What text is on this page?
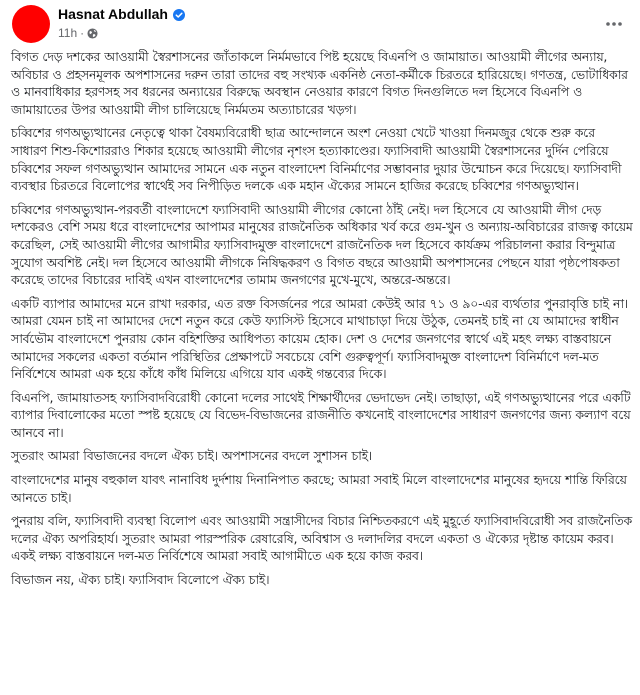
Hasnat Abdullah
11h ·

বিগত দেড় দশকের আওয়ামী স্বৈরশাসনের জাঁতাকলে নির্মমভাবে পিষ্ট হয়েছে বিএনপি ও জামায়াত। আওয়ামী লীগের অন্যায়, অবিচার ও প্রহসনমূলক অপশাসনের দরুন তারা তাদের বহু সংখ্যক একনিষ্ঠ নেতা-কর্মীকে চিরতরে হারিয়েছে। গণতন্ত্র, ভোটাধিকার ও মানবাধিকার হরণসহ সব ধরনের অন্যায়ের বিরুদ্ধে অবস্থান নেওয়ার কারণে বিগত দিনগুলিতে দল হিসেবে বিএনপি ও জামায়াতের উপর আওয়ামী লীগ চালিয়েছে নির্মমতম অত্যাচারের খড়গ।

চব্বিশের গণঅভ্যুত্থানের নেতৃত্বে থাকা বৈষম্যবিরোধী ছাত্র আন্দোলনে অংশ নেওয়া খেটে খাওয়া দিনমজুর থেকে শুরু করে সাধারণ শিশু-কিশোররাও শিকার হয়েছে আওয়ামী লীগের নৃশংস হত্যাকাণ্ডের। ফ্যাসিবাদী আওয়ামী স্বৈরশাসনের দুর্দিন পেরিয়ে চব্বিশের সফল গণঅভ্যুত্থান আমাদের সামনে এক নতুন বাংলাদেশ বিনির্মাণের সম্ভাবনার দুয়ার উন্মোচন করে দিয়েছে। ফ্যাসিবাদী ব্যবস্থার চিরতরে বিলোপের স্বার্থেই সব নিপীড়িত দলকে এক মহান ঐক্যের সামনে হাজির করেছে চব্বিশের গণঅভ্যুত্থান।

চব্বিশের গণঅভ্যুত্থান-পরবর্তী বাংলাদেশে ফ্যাসিবাদী আওয়ামী লীগের কোনো ঠাঁই নেই। দল হিসেবে যে আওয়ামী লীগ দেড় দশকেরও বেশি সময় ধরে বাংলাদেশের আপামর মানুষের রাজনৈতিক অধিকার খর্ব করে গুম-খুন ও অন্যায়-অবিচারের রাজত্ব কায়েম করেছিল, সেই আওয়ামী লীগের আগামীর ফ্যাসিবাদমুক্ত বাংলাদেশে রাজনৈতিক দল হিসেবে কার্যক্রম পরিচালনা করার বিন্দুমাত্র সুযোগ অবশিষ্ট নেই। দল হিসেবে আওয়ামী লীগকে নিষিদ্ধকরণ ও বিগত বছরে আওয়ামী অপশাসনের পেছনে যারা পৃষ্ঠপোষকতা করেছে তাদের বিচারের দাবিই এখন বাংলাদেশের তামাম জনগণের মুখে-মুখে, অন্তরে-অন্তরে।

একটি ব্যাপার আমাদের মনে রাখা দরকার, এত রক্ত বিসর্জনের পরে আমরা কেউই আর ৭১ ও ৯০-এর ব্যর্থতার পুনরাবৃত্তি চাই না। আমরা যেমন চাই না আমাদের দেশে নতুন করে কেউ ফ্যাসিস্ট হিসেবে মাথাচাড়া দিয়ে উঠুক, তেমনই চাই না যে আমাদের স্বাধীন সার্বভৌম বাংলাদেশে পুনরায় কোন বহিশক্তির আধিপত্য কায়েম হোক। দেশ ও দেশের জনগণের স্বার্থে এই মহৎ লক্ষ্য বাস্তবায়নে আমাদের সকলের একতা বর্তমান পরিস্থিতির প্রেক্ষাপটে সবচেয়ে বেশি গুরুত্বপূর্ণ। ফ্যাসিবাদমুক্ত বাংলাদেশ বিনির্মাণে দল-মত নির্বিশেষে আমরা এক হয়ে কাঁধে কাঁধ মিলিয়ে এগিয়ে যাব একই গন্তব্যের দিকে।

বিএনপি, জামায়াতসহ ফ্যাসিবাদবিরোধী কোনো দলের সাথেই শিক্ষার্থীদের ভেদাভেদ নেই। তাছাড়া, এই গণঅভ্যুত্থানের পরে একটি ব্যাপার দিবালোকের মতো স্পষ্ট হয়েছে যে বিভেদ-বিভাজনের রাজনীতি কখনোই বাংলাদেশের সাধারণ জনগণের জন্য কল্যাণ বয়ে আনবে না।

সুতরাং আমরা বিভাজনের বদলে ঐক্য চাই। অপশাসনের বদলে সুশাসন চাই।

বাংলাদেশের মানুষ বহুকাল যাবৎ নানাবিধ দুর্দশায় দিনানিপাত করছে; আমরা সবাই মিলে বাংলাদেশের মানুষের হৃদয়ে শান্তি ফিরিয়ে আনতে চাই।

পুনরায় বলি, ফ্যাসিবাদী ব্যবস্থা বিলোপ এবং আওয়ামী সন্ত্রাসীদের বিচার নিশ্চিতকরণে এই মুহূর্তে ফ্যাসিবাদবিরোধী সব রাজনৈতিক দলের ঐক্য অপরিহার্য। সুতরাং আমরা পারস্পরিক রেষারেষি, অবিশ্বাস ও দলাদলির বদলে একতা ও ঐক্যের দৃষ্টান্ত কায়েম করব। একই লক্ষ্য বাস্তবায়নে দল-মত নির্বিশেষে আমরা সবাই আগামীতে এক হয়ে কাজ করব।

বিভাজন নয়, ঐক্য চাই। ফ্যাসিবাদ বিলোপে ঐক্য চাই।
